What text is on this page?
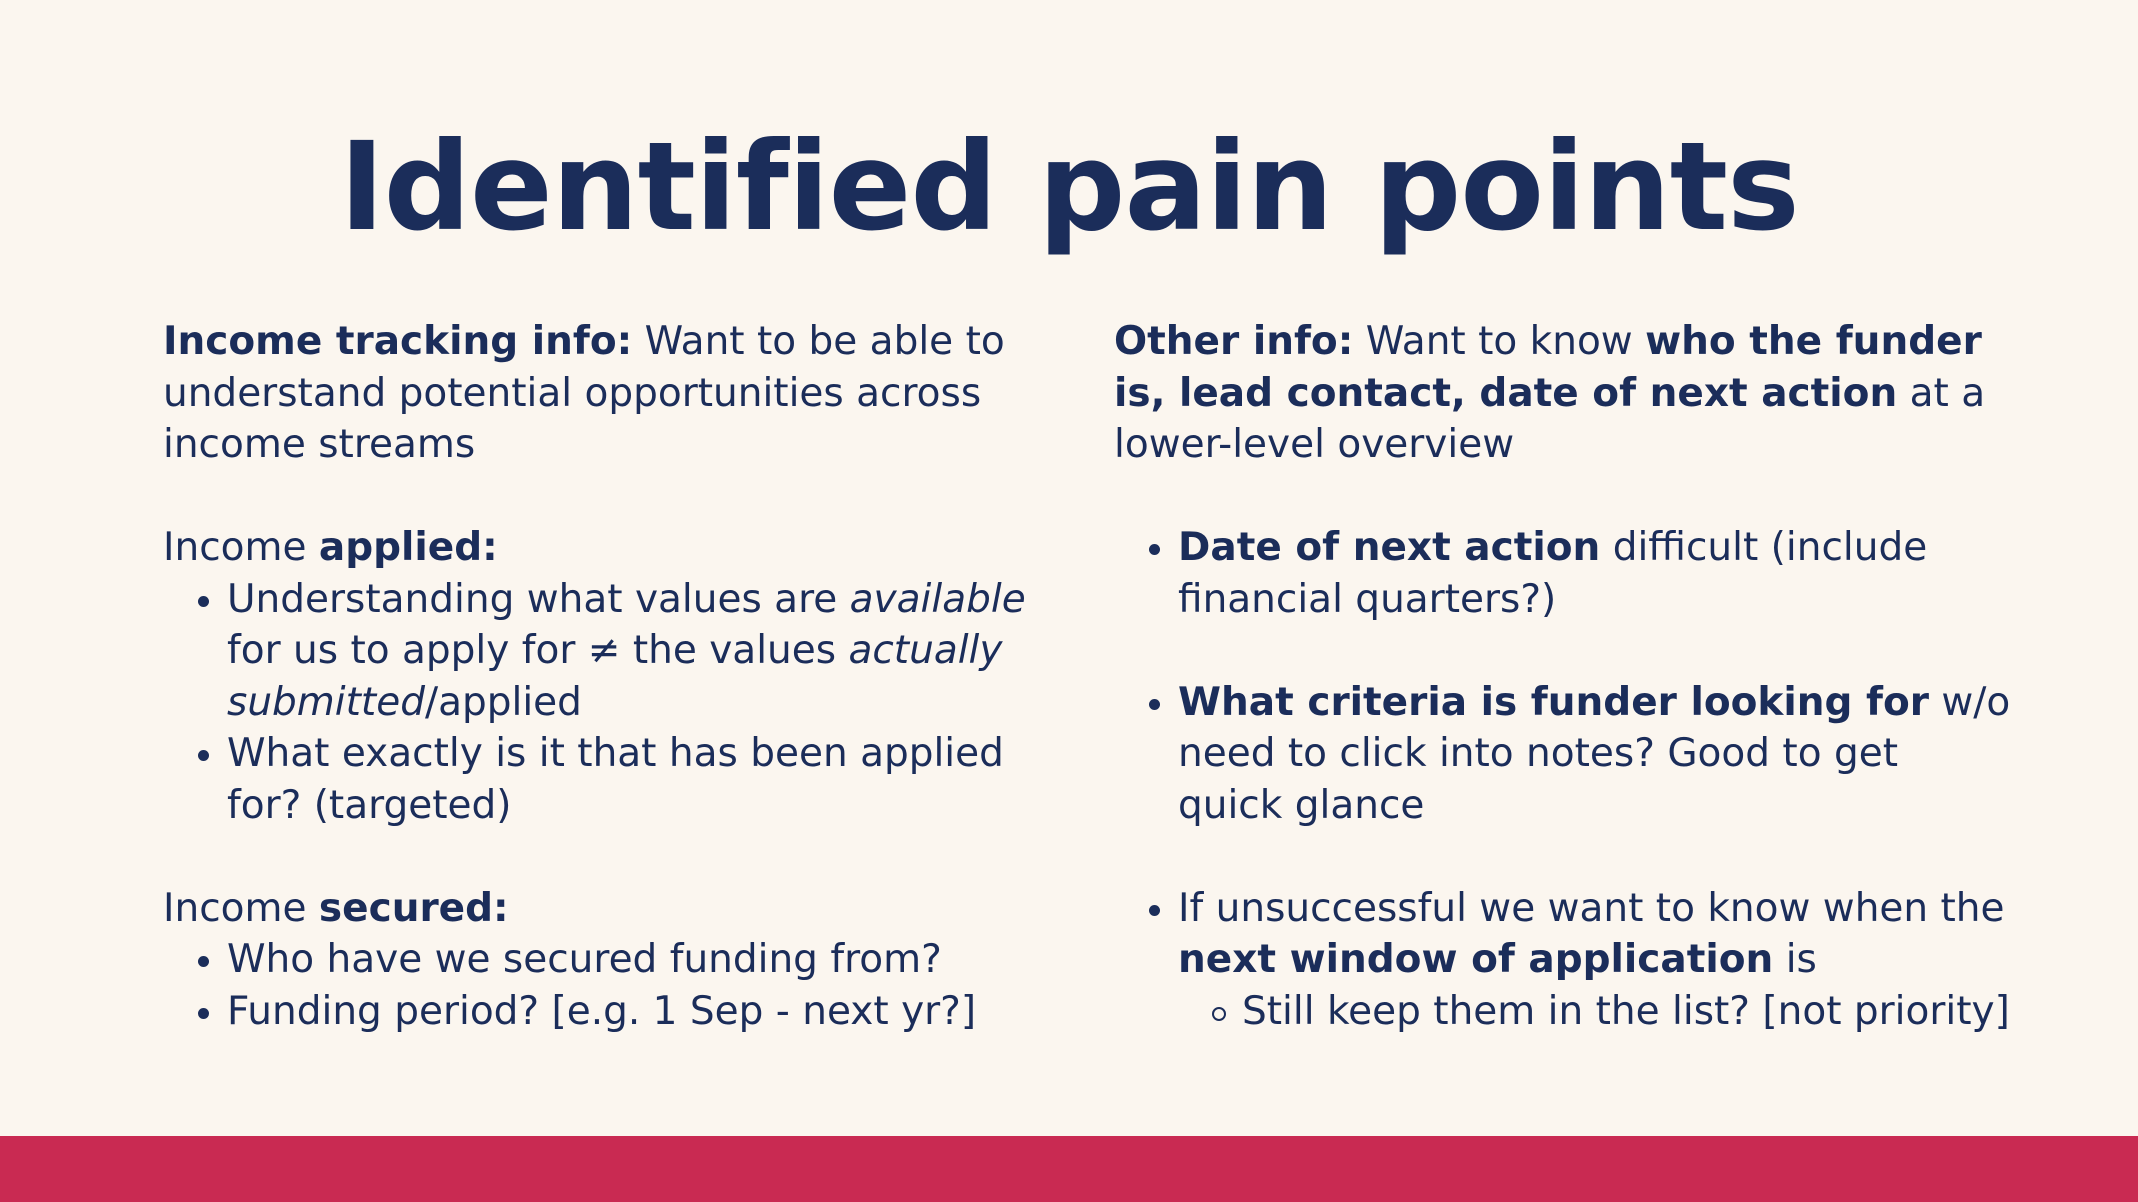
Identified pain points

Income tracking info: Want to be able to understand potential opportunities across income streams

Income applied:

Understanding what values are available for us to apply for ≠ the values actually submitted/applied
What exactly is it that has been applied for? (targeted)

Income secured:

Who have we secured funding from?
Funding period? [e.g. 1 Sep - next yr?]

Other info: Want to know who the funder is, lead contact, date of next action at a lower-level overview

Date of next action difficult (include financial quarters?)
What criteria is funder looking for w/o need to click into notes? Good to get quick glance
If unsuccessful we want to know when the next window of application is
Still keep them in the list? [not priority]
